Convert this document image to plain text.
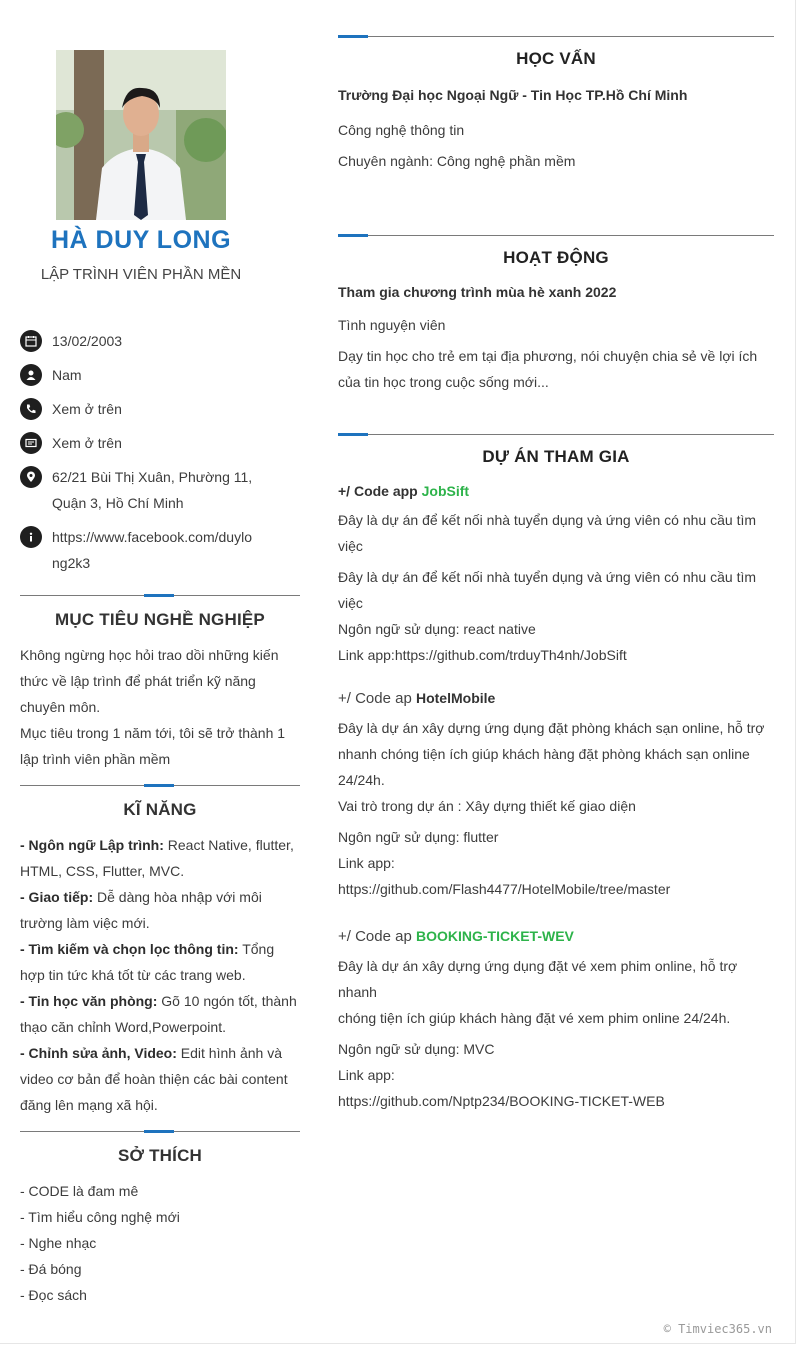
HÀ DUY LONG
LẬP TRÌNH VIÊN PHẦN MỀN
13/02/2003
Nam
Xem ở trên
Xem ở trên
62/21 Bùi Thị Xuân, Phường 11,
Quận 3, Hồ Chí Minh
https://www.facebook.com/duylo
ng2k3
MỤC TIÊU NGHỀ NGHIỆP
Không ngừng học hỏi trao dồi những kiến
thức về lập trình để phát triển kỹ năng
chuyên môn.
Mục tiêu trong 1 năm tới, tôi sẽ trở thành 1
lập trình viên phần mềm
KĨ NĂNG
- Ngôn ngữ Lập trình: React Native, flutter,
HTML, CSS, Flutter, MVC.
- Giao tiếp: Dễ dàng hòa nhập với môi
trường làm việc mới.
- Tìm kiếm và chọn lọc thông tin: Tổng
hợp tin tức khá tốt từ các trang web.
- Tin học văn phòng: Gõ 10 ngón tốt, thành
thạo căn chỉnh Word,Powerpoint.
- Chỉnh sửa ảnh, Video: Edit hình ảnh và
video cơ bản để hoàn thiện các bài content
đăng lên mạng xã hội.
SỞ THÍCH
- CODE là đam mê
- Tìm hiểu công nghệ mới
- Nghe nhạc
- Đá bóng
- Đọc sách
HỌC VẤN
Trường Đại học Ngoại Ngữ - Tin Học TP.Hồ Chí Minh
Công nghệ thông tin
Chuyên ngành: Công nghệ phần mềm
HOẠT ĐỘNG
Tham gia chương trình mùa hè xanh 2022
Tình nguyện viên
Dạy tin học cho trẻ em tại địa phương, nói chuyện chia sẻ về lợi ích
của tin học trong cuộc sống mới...
DỰ ÁN THAM GIA
+/ Code app JobSift
Đây là dự án để kết nối nhà tuyển dụng và ứng viên có nhu cầu tìm
việc
Đây là dự án để kết nối nhà tuyển dụng và ứng viên có nhu cầu tìm
việc
Ngôn ngữ sử dụng: react native
Link app:https://github.com/trduyTh4nh/JobSift
+/ Code ap HotelMobile
Đây là dự án xây dựng ứng dụng đặt phòng khách sạn online, hỗ trợ
nhanh chóng tiện ích giúp khách hàng đặt phòng khách sạn online
24/24h.
Vai trò trong dự án : Xây dựng thiết kế giao diện
Ngôn ngữ sử dụng: flutter
Link app:
https://github.com/Flash4477/HotelMobile/tree/master
+/ Code ap BOOKING-TICKET-WEV
Đây là dự án xây dựng ứng dụng đặt vé xem phim online, hỗ trợ nhanh
chóng tiện ích giúp khách hàng đặt vé xem phim online 24/24h.
Ngôn ngữ sử dụng: MVC
Link app:
https://github.com/Nptp234/BOOKING-TICKET-WEB
© Timviec365.vn
